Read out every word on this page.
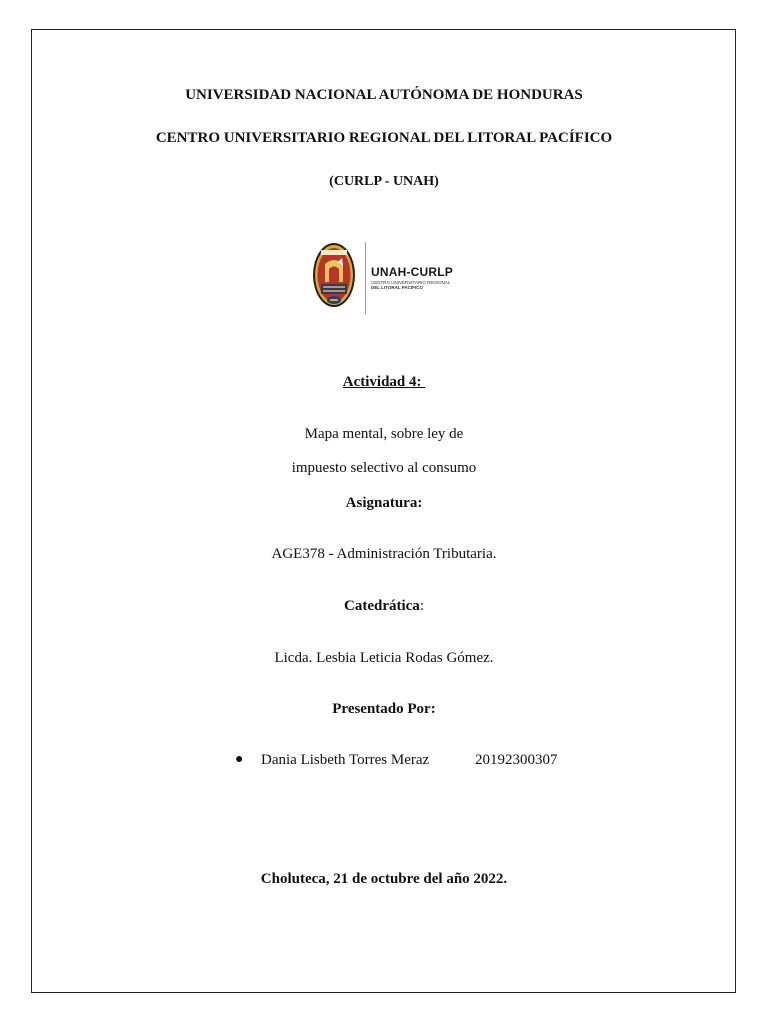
UNIVERSIDAD NACIONAL AUTÓNOMA DE HONDURAS
CENTRO UNIVERSITARIO REGIONAL DEL LITORAL PACÍFICO
(CURLP - UNAH)
UNAH-CURLP
CENTRO UNIVERSITARIO REGIONAL
DEL LITORAL PACÍFICO
Actividad 4:
Mapa mental, sobre ley de
impuesto selectivo al consumo
Asignatura:
AGE378 - Administración Tributaria.
Catedrática:
Licda. Lesbia Leticia Rodas Gómez.
Presentado Por:
● Dania Lisbeth Torres Meraz	20192300307
Choluteca, 21 de octubre del año 2022.
